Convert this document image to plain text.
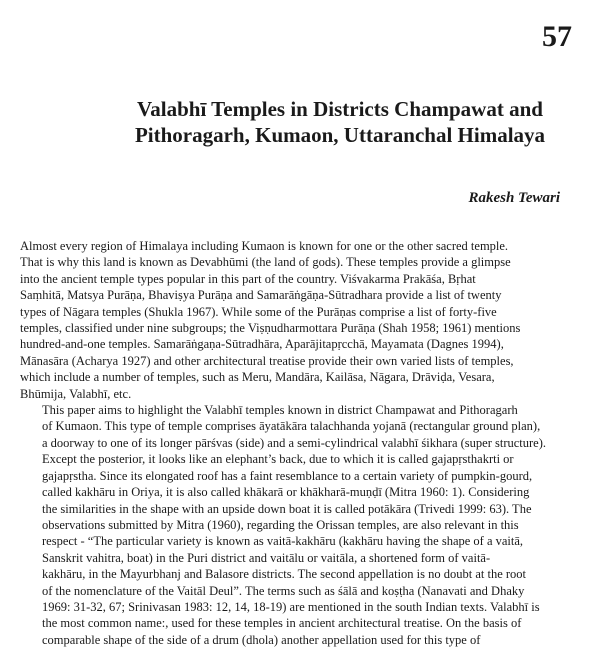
57
Valabhī Temples in Districts Champawat and
Pithoragarh, Kumaon, Uttaranchal Himalaya
Rakesh Tewari

Almost every region of Himalaya including Kumaon is known for one or the other sacred temple.
That is why this land is known as Devabhūmi (the land of gods). These temples provide a glimpse
into the ancient temple types popular in this part of the country. Viśvakarma Prakāśa, Bṛhat
Saṃhitā, Matsya Purāṇa, Bhaviṣya Purāṇa and Samarāṅgāṇa-Sūtradhara provide a list of twenty
types of Nāgara temples (Shukla 1967). While some of the Purāṇas comprise a list of forty-five
temples, classified under nine subgroups; the Viṣṇudharmottara Purāṇa (Shah 1958; 1961) mentions
hundred-and-one temples. Samarāṅgaṇa-Sūtradhāra, Aparājitapṛcchā, Mayamata (Dagnes 1994),
Mānasāra (Acharya 1927) and other architectural treatise provide their own varied lists of temples,
which include a number of temples, such as Meru, Mandāra, Kailāsa, Nāgara, Drāviḍa, Vesara,
Bhūmija, Valabhī, etc.

This paper aims to highlight the Valabhī temples known in district Champawat and Pithoragarh
of Kumaon. This type of temple comprises āyatākāra talachhanda yojanā (rectangular ground plan),
a doorway to one of its longer pārśvas (side) and a semi-cylindrical valabhī śikhara (super structure).
Except the posterior, it looks like an elephant’s back, due to which it is called gajapṛsthakrti or
gajapṛstha. Since its elongated roof has a faint resemblance to a certain variety of pumpkin-gourd,
called kakhāru in Oriya, it is also called khākarā or khākharā-muṇḍī (Mitra 1960: 1). Considering
the similarities in the shape with an upside down boat it is called potākāra (Trivedi 1999: 63). The
observations submitted by Mitra (1960), regarding the Orissan temples, are also relevant in this
respect - “The particular variety is known as vaitā-kakhāru (kakhāru having the shape of a vaitā,
Sanskrit vahitra, boat) in the Puri district and vaitālu or vaitāla, a shortened form of vaitā-
kakhāru, in the Mayurbhanj and Balasore districts. The second appellation is no doubt at the root
of the nomenclature of the Vaitāl Deul”. The terms such as śālā and koṣṭha (Nanavati and Dhaky
1969: 31-32, 67; Srinivasan 1983: 12, 14, 18-19) are mentioned in the south Indian texts. Valabhī is
the most common name:, used for these temples in ancient architectural treatise. On the basis of
comparable shape of the side of a drum (dhola) another appellation used for this type of
